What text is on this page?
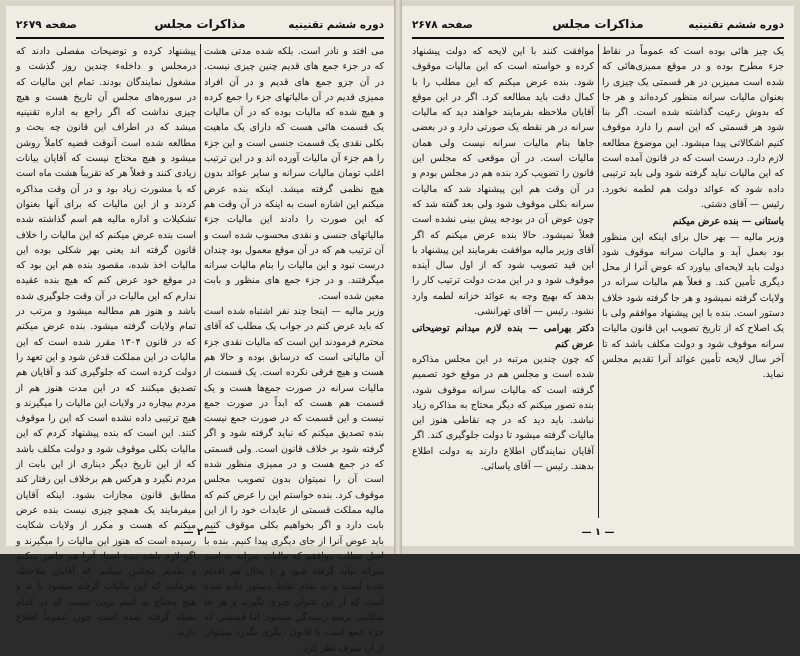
دوره ششم تقنینیه
مذاکرات مجلس
صفحه ۲۶۷۹

می افتد و نادر است. بلکه شده مدتی هشت که در جزء جمع های قدیم چنین چیزی نیست. در آن جزو جمع های قدیم و در آن افراد ممیزی قدیم در آن مالیاتهای جزء را جمع کرده و هیچ شده که مالیات بوده که در آن مالیات یک قسمت هائی هست که دارای یک ماهیت بکلی نقدی یک قسمت جنسی است و این جزء را هم جزء آن مالیات آورده اند و در این ترتیب اغلب تومان مالیات سرانه و سایر عوائد بدون هیچ نظمی گرفته میشد. اینکه بنده عرض میکنم این اشاره است به اینکه در آن وقت هم که این صورت را دادند این مالیات جزء مالیاتهای جنسی و نقدی محسوب شده است و آن ترتیب هم که در آن موقع معمول بود چندان درست نبود و این مالیات را بنام مالیات سرانه میگرفتند. و در جزء جمع های منظور و بابت معین شده است.

وزیر مالیه — اینجا چند نفر اشتباه شده است که باید عرض کنم در جواب یک مطلب که آقای محترم فرمودند این است که مالیات نقدی جزء آن مالیاتی است که درسابق بوده و حالا هم هست و هیچ فرقی نکرده است. یک قسمت از مالیات سرانه در صورت جمع‌ها هست و یک قسمت هم هست که ابداً در صورت جمع نیست و این قسمت که در صورت جمع نیست بنده تصدیق میکنم که نباید گرفته شود و اگر گرفته شود بر خلاف قانون است. ولی قسمتی که در جمع هست و در ممیزی منظور شده است آن را نمیتوان بدون تصویب مجلس موقوف کرد. بنده خواستم این را عرض کنم که مالیه مملکت قسمتی از عایدات خود را از این بابت دارد و اگر بخواهیم بکلی موقوف کنیم باید عوض آنرا از جای دیگری پیدا کنیم. بنده با اصل مطلب موافقم که مالیات سرانه به اسم سرانه نباید گرفته شود و تا بحال هم اقدام شده است و به تمام نقاط دستور داده شده است که از این عنوان چیزی نگیرند و هر جا شکایتی برسد رسیدگی میشود. اما قسمتی که جزء جمع است تا قانون دیگری نگذرد نمیتوان از آن صرف نظر کرد.

پیشنهاد کرده و توضیحات مفصلی دادند که درمجلس و داخلهء چندین روز گذشت و مشغول نمایندگان بودند. تمام این مالیات که در سوره‌های مجلس آن تاریخ هست و هیچ چیزی نداشت که اگر راجع به اداره تقنینیه میشد که در اطراف این قانون چه بحث و مطالعه شده است آنوقت قضیه کاملاً روشن میشود و هیچ محتاج نیست که آقایان بیانات زیادی کنند و فعلاً هر که تقریباً هشت ماه است که با مشورت زیاد بود و در آن وقت مذاکره کردند و از این مالیات که برای آنها بعنوان تشکیلات و اداره مالیه هم اسم گذاشته شده است بنده عرض میکنم که این مالیات را خلاف قانون گرفته اند یعنی بهر شکلی بوده این مالیات اخذ شده، مقصود بنده هم این بود که در موقع خود عرض کنم که هیچ بنده عقیده ندارم که این مالیات در آن وقت جلوگیری شده باشد و هنوز هم مطالبه میشود و مرتب در تمام ولایات گرفته میشود. بنده عرض میکنم که در قانون ۱۳۰۴ مقرر شده است که این مالیات در این مملکت قدغن شود و این تعهد را دولت کرده است که جلوگیری کند و آقایان هم تصدیق میکنند که در این مدت هنوز هم از مردم بیچاره در ولایات این مالیات را میگیرند و هیچ ترتیبی داده نشده است که این را موقوف کنند. این است که بنده پیشنهاد کردم که این مالیات بکلی موقوف شود و دولت مکلف باشد که از این تاریخ دیگر دیناری از این بابت از مردم نگیرد و هرکس هم برخلاف این رفتار کند مطابق قانون مجازات بشود. اینکه آقایان میفرمایند یک همچو چیزی نیست بنده عرض میکنم که هست و مکرر از ولایات شکایت رسیده است که هنوز این مالیات را میگیرند و اگر لازم باشد بنده اسناد آنرا هم حاضر میکنم و تقدیم مجلس میکنم که آقایان ملاحظه بفرمایند که این مالیات گرفته میشود یا نه و هیچ محتاج به اسم بردن نیست که در کدام نقطه گرفته شده است چون عموماً اطلاع دارند.

— ۲ —
دوره ششم تقنینیه
مذاکرات مجلس
صفحه ۲۶۷۸

یک چیز هائی بوده است که عموماً در نقاط جزء مطرح بوده و در موقع ممیزی‌هائی که شده است ممیزین در هر قسمتی یک چیزی را بعنوان مالیات سرانه منظور کرده‌اند و هر جا که بدوش رعیت گذاشته شده است. اگر بنا شود هر قسمتی که این اسم را دارد موقوف کنیم اشکالاتی پیدا میشود. این موضوع مطالعه لازم دارد. درست است که در قانون آمده است که این مالیات نباید گرفته شود ولی باید ترتیبی داده شود که عوائد دولت هم لطمه نخورد. رئیس — آقای دشتی.

باستانی — بنده عرض میکنم

وزیر مالیه — بهر حال برای اینکه این منظور بود بعمل آید و مالیات سرانه موقوف شود دولت باید لایحه‌ای بیاورد که عوض آنرا از محل دیگری تأمین کند. و فعلاً هم مالیات سرانه در ولایات گرفته نمیشود و هر جا گرفته شود خلاف دستور است. بنده با این پیشنهاد موافقم ولی با یک اصلاح که از تاریخ تصویب این قانون مالیات سرانه موقوف شود و دولت مکلف باشد که تا آخر سال لایحه تأمین عوائد آنرا تقدیم مجلس نماید.

موافقت کنند با این لایحه که دولت پیشنهاد کرده و خواسته است که این مالیات موقوف شود. بنده عرض میکنم که این مطلب را با کمال دقت باید مطالعه کرد. اگر در این موقع آقایان ملاحظه بفرمایند خواهند دید که مالیات سرانه در هر نقطه یک صورتی دارد و در بعضی جاها بنام مالیات سرانه نیست ولی همان مالیات است. در آن موقعی که مجلس این قانون را تصویب کرد بنده هم در مجلس بودم و در آن وقت هم این پیشنهاد شد که مالیات سرانه بکلی موقوف شود ولی بعد گفته شد که چون عوض آن در بودجه پیش بینی نشده است فعلاً نمیشود. حالا بنده عرض میکنم که اگر آقای وزیر مالیه موافقت بفرمایند این پیشنهاد با این قید تصویب شود که از اول سال آینده موقوف شود و در این مدت دولت ترتیب کار را بدهد که بهیچ وجه به عوائد خزانه لطمه وارد نشود. رئیس — آقای تهرانشی.

دکتر بهرامی — بنده لازم میدانم توضیحاتی عرض کنم

که چون چندین مرتبه در این مجلس مذاکره شده است و مجلس هم در موقع خود تصمیم گرفته است که مالیات سرانه موقوف شود، بنده تصور میکنم که دیگر محتاج به مذاکره زیاد نباشد. باید دید که در چه نقاطی هنوز این مالیات گرفته میشود تا دولت جلوگیری کند. اگر آقایان نمایندگان اطلاع دارند به دولت اطلاع بدهند. رئیس — آقای یاسائی.

— ۱ —
